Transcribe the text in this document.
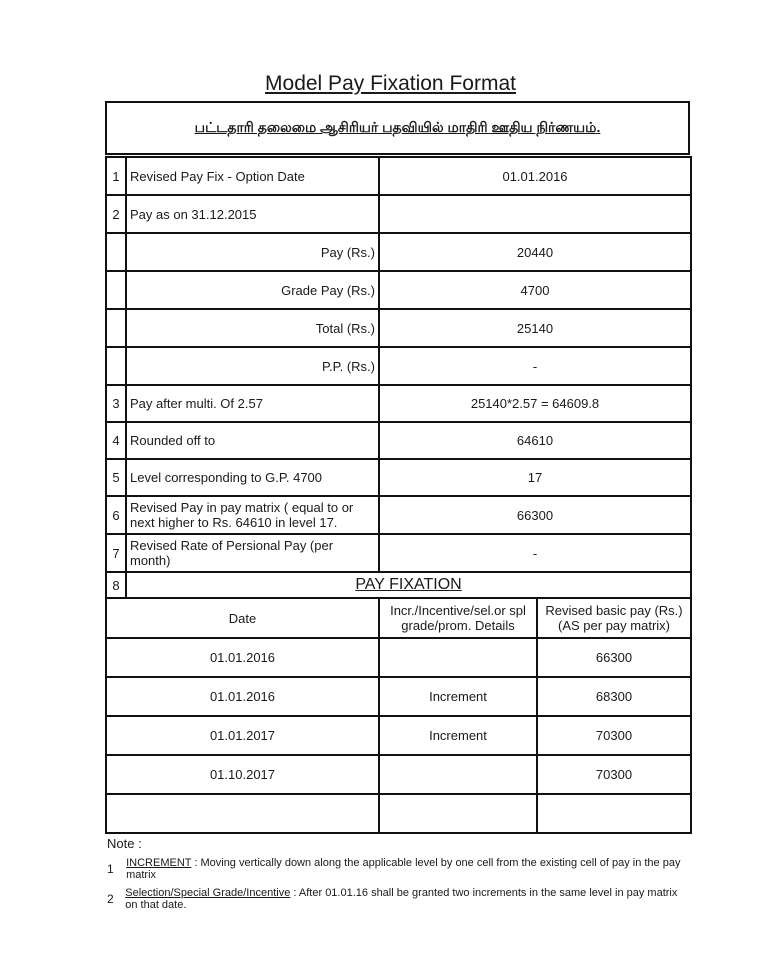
Model Pay Fixation Format
பட்டதாரி தலைமை ஆசிரியர் பதவியில் மாதிரி ஊதிய நிர்ணயம்.
1	Revised Pay Fix - Option Date	01.01.2016	
2	Pay as on 31.12.2015		
	Pay (Rs.)	20440	
	Grade Pay (Rs.)	4700	
	Total (Rs.)	25140	
	P.P. (Rs.)	-	
3	Pay after multi. Of 2.57	25140*2.57 = 64609.8	
4	Rounded off to	64610	
5	Level corresponding to G.P. 4700	17	
6	Revised Pay in pay matrix ( equal to or next higher to Rs. 64610 in level 17.	66300	
7	Revised Rate of Persional Pay (per month)	-	
8	PAY FIXATION		
Date		Incr./Incentive/sel.or spl grade/prom. Details	Revised basic pay (Rs.) (AS per pay matrix)
01.01.2016			66300
01.01.2016		Increment	68300
01.01.2017		Increment	70300
01.10.2017			70300

Note :
1	INCREMENT : Moving vertically down along the applicable level by one cell from the existing cell of pay in the pay matrix
2	Selection/Special Grade/Incentive : After 01.01.16 shall be granted two increments in the same level in pay matrix on that date.
